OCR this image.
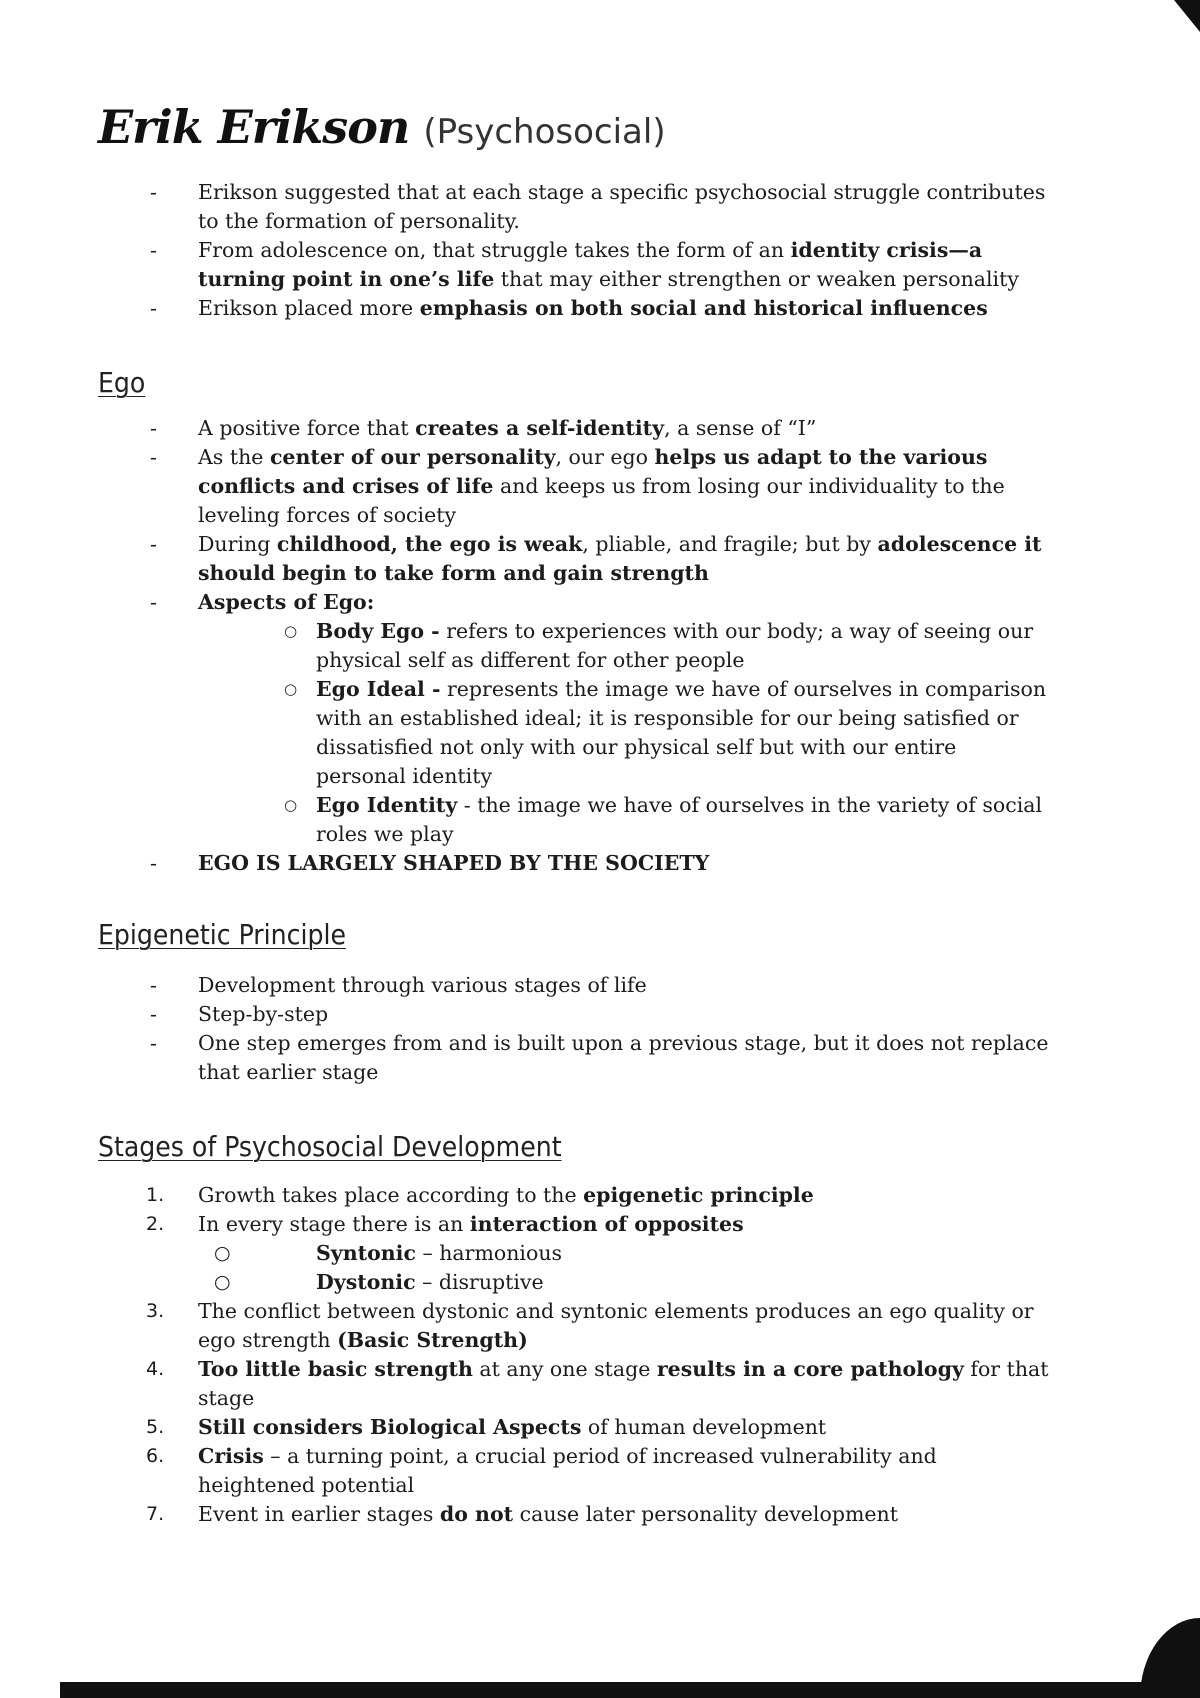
Erik Erikson (Psychosocial)
-	Erikson suggested that at each stage a specific psychosocial struggle contributes to the formation of personality.
-	From adolescence on, that struggle takes the form of an identity crisis—a turning point in one’s life that may either strengthen or weaken personality
-	Erikson placed more emphasis on both social and historical influences
Ego
-	A positive force that creates a self-identity, a sense of “I”
-	As the center of our personality, our ego helps us adapt to the various conflicts and crises of life and keeps us from losing our individuality to the leveling forces of society
-	During childhood, the ego is weak, pliable, and fragile; but by adolescence it should begin to take form and gain strength
-	Aspects of Ego:
○ Body Ego - refers to experiences with our body; a way of seeing our physical self as different for other people
○ Ego Ideal - represents the image we have of ourselves in comparison with an established ideal; it is responsible for our being satisfied or dissatisfied not only with our physical self but with our entire personal identity
○ Ego Identity - the image we have of ourselves in the variety of social roles we play
-	EGO IS LARGELY SHAPED BY THE SOCIETY
Epigenetic Principle
-	Development through various stages of life
-	Step-by-step
-	One step emerges from and is built upon a previous stage, but it does not replace that earlier stage
Stages of Psychosocial Development
1.	Growth takes place according to the epigenetic principle
2.	In every stage there is an interaction of opposites
○	Syntonic – harmonious
○	Dystonic – disruptive
3.	The conflict between dystonic and syntonic elements produces an ego quality or ego strength (Basic Strength)
4.	Too little basic strength at any one stage results in a core pathology for that stage
5.	Still considers Biological Aspects of human development
6.	Crisis – a turning point, a crucial period of increased vulnerability and heightened potential
7.	Event in earlier stages do not cause later personality development
